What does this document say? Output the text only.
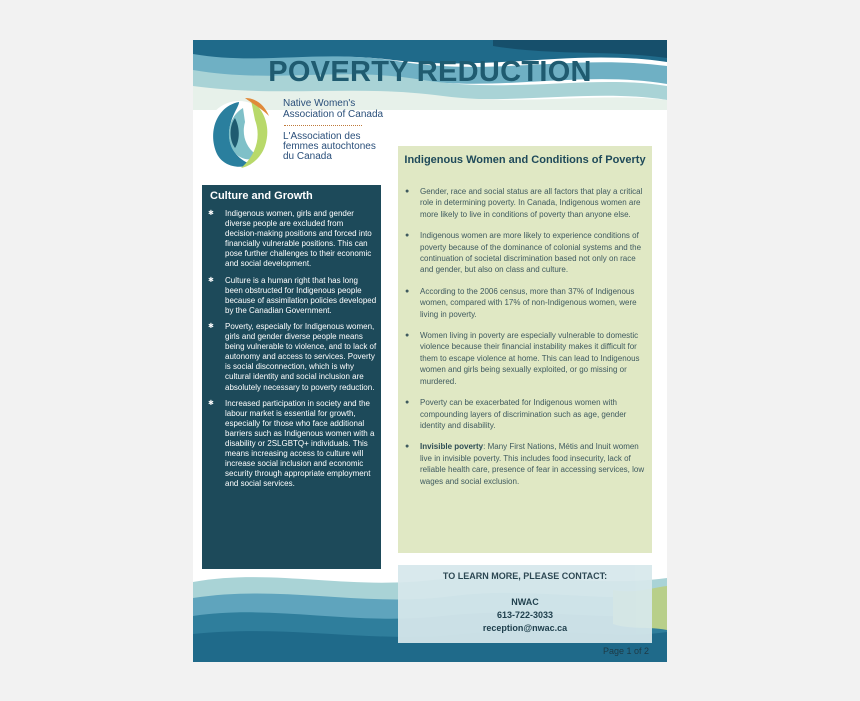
POVERTY REDUCTION
Native Women's
Association of Canada
L'Association des
femmes autochtones
du Canada
Culture and Growth
✱ Indigenous women, girls and gender diverse people are excluded from decision-making positions and forced into financially vulnerable positions. This can pose further challenges to their economic and social development.
✱ Culture is a human right that has long been obstructed for Indigenous people because of assimilation policies developed by the Canadian Government.
✱ Poverty, especially for Indigenous women, girls and gender diverse people means being vulnerable to violence, and to lack of autonomy and access to services. Poverty is social disconnection, which is why cultural identity and social inclusion are absolutely necessary to poverty reduction.
✱ Increased participation in society and the labour market is essential for growth, especially for those who face additional barriers such as Indigenous women with a disability or 2SLGBTQ+ individuals. This means increasing access to culture will increase social inclusion and economic security through appropriate employment and social services.
Indigenous Women and Conditions of Poverty
● Gender, race and social status are all factors that play a critical role in determining poverty. In Canada, Indigenous women are more likely to live in conditions of poverty than anyone else.
● Indigenous women are more likely to experience conditions of poverty because of the dominance of colonial systems and the continuation of societal discrimination based not only on race and gender, but also on class and culture.
● According to the 2006 census, more than 37% of Indigenous women, compared with 17% of non-Indigenous women, were living in poverty.
● Women living in poverty are especially vulnerable to domestic violence because their financial instability makes it difficult for them to escape violence at home. This can lead to Indigenous women and girls being sexually exploited, or go missing or murdered.
● Poverty can be exacerbated for Indigenous women with compounding layers of discrimination such as age, gender identity and disability.
● Invisible poverty: Many First Nations, Métis and Inuit women live in invisible poverty. This includes food insecurity, lack of reliable health care, presence of fear in accessing services, low wages and social exclusion.
TO LEARN MORE, PLEASE CONTACT:
NWAC
613-722-3033
reception@nwac.ca
Page 1 of 2
